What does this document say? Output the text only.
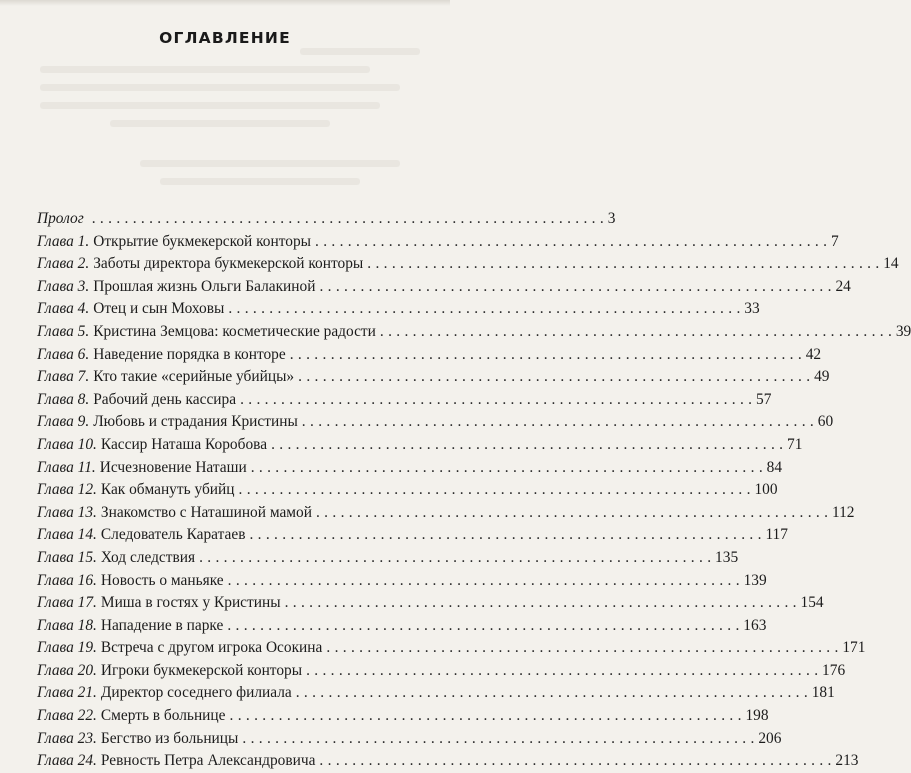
ОГЛАВЛЕНИЕ
Пролог . . .	3
Глава 1. Открытие букмекерской конторы . . .	7
Глава 2. Заботы директора букмекерской конторы . . .	14
Глава 3. Прошлая жизнь Ольги Балакиной . . .	24
Глава 4. Отец и сын Моховы . . .	33
Глава 5. Кристина Земцова: косметические радости . . .	39
Глава 6. Наведение порядка в конторе . . .	42
Глава 7. Кто такие «серийные убийцы» . . .	49
Глава 8. Рабочий день кассира . . .	57
Глава 9. Любовь и страдания Кристины . . .	60
Глава 10. Кассир Наташа Коробова . . .	71
Глава 11. Исчезновение Наташи . . .	84
Глава 12. Как обмануть убийц . . .	100
Глава 13. Знакомство с Наташиной мамой . . .	112
Глава 14. Следователь Каратаев . . .	117
Глава 15. Ход следствия . . .	135
Глава 16. Новость о маньяке . . .	139
Глава 17. Миша в гостях у Кристины . . .	154
Глава 18. Нападение в парке . . .	163
Глава 19. Встреча с другом игрока Осокина . . .	171
Глава 20. Игроки букмекерской конторы . . .	176
Глава 21. Директор соседнего филиала . . .	181
Глава 22. Смерть в больнице . . .	198
Глава 23. Бегство из больницы . . .	206
Глава 24. Ревность Петра Александровича . . .	213
